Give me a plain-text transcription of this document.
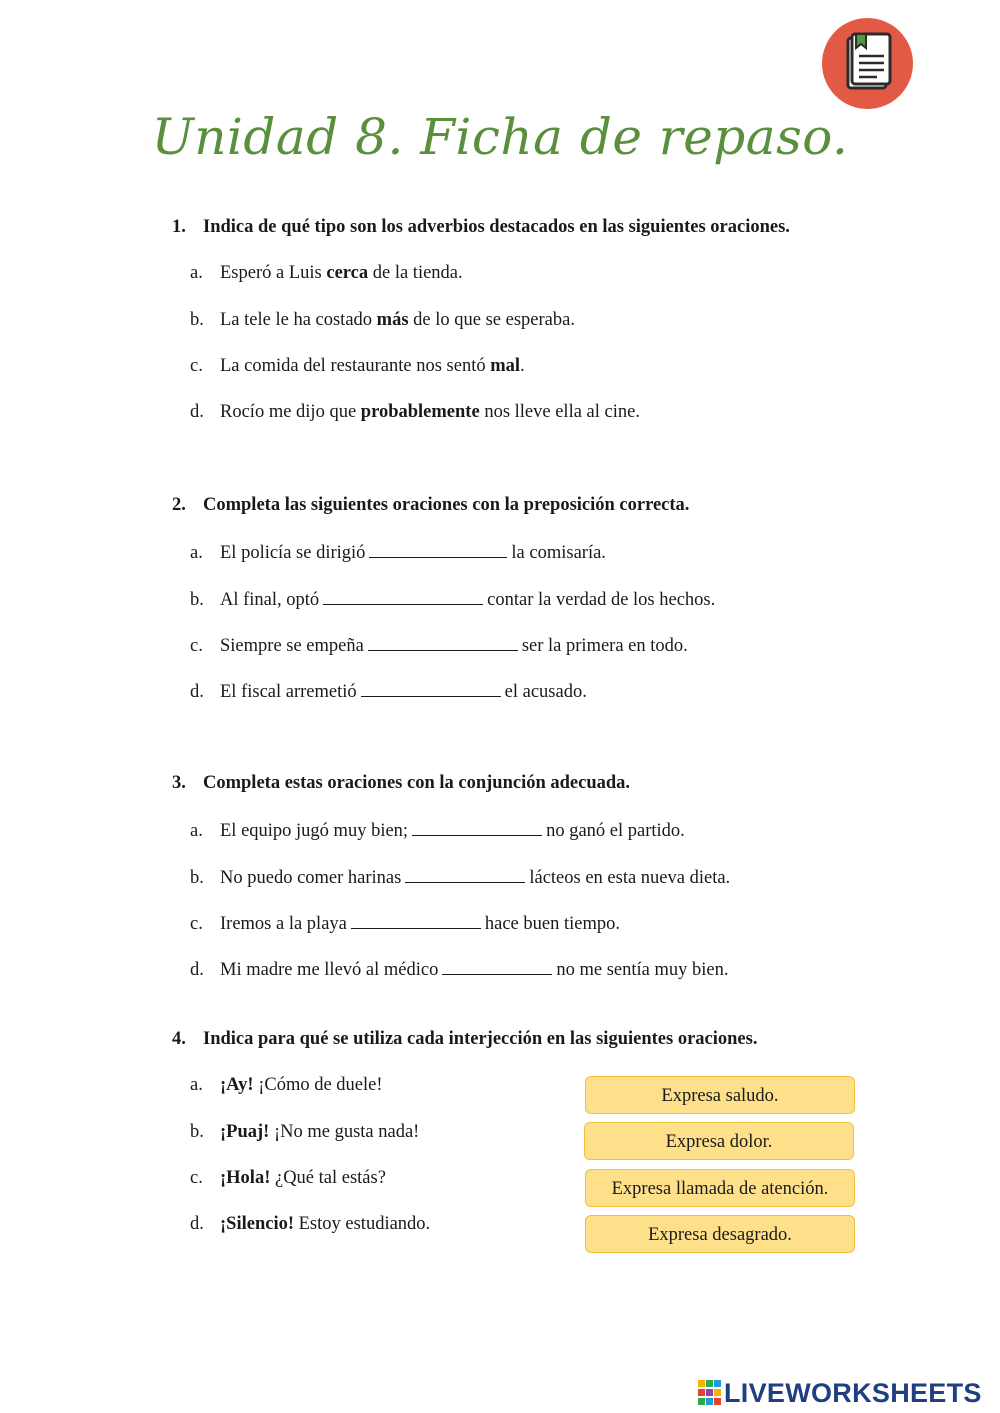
Unidad 8. Ficha de repaso.
1. Indica de qué tipo son los adverbios destacados en las siguientes oraciones.
a. Esperó a Luis cerca de la tienda.
b. La tele le ha costado más de lo que se esperaba.
c. La comida del restaurante nos sentó mal.
d. Rocío me dijo que probablemente nos lleve ella al cine.
2. Completa las siguientes oraciones con la preposición correcta.
a. El policía se dirigió	la comisaría.
b. Al final, optó	contar la verdad de los hechos.
c. Siempre se empeña	ser la primera en todo.
d. El fiscal arremetió	el acusado.
3. Completa estas oraciones con la conjunción adecuada.
a. El equipo jugó muy bien;	no ganó el partido.
b. No puedo comer harinas	lácteos en esta nueva dieta.
c. Iremos a la playa	hace buen tiempo.
d. Mi madre me llevó al médico	no me sentía muy bien.
4. Indica para qué se utiliza cada interjección en las siguientes oraciones.
a. ¡Ay! ¡Cómo de duele!
b. ¡Puaj! ¡No me gusta nada!
c. ¡Hola! ¿Qué tal estás?
d. ¡Silencio! Estoy estudiando.
Expresa saludo.
Expresa dolor.
Expresa llamada de atención.
Expresa desagrado.
LIVEWORKSHEETS
